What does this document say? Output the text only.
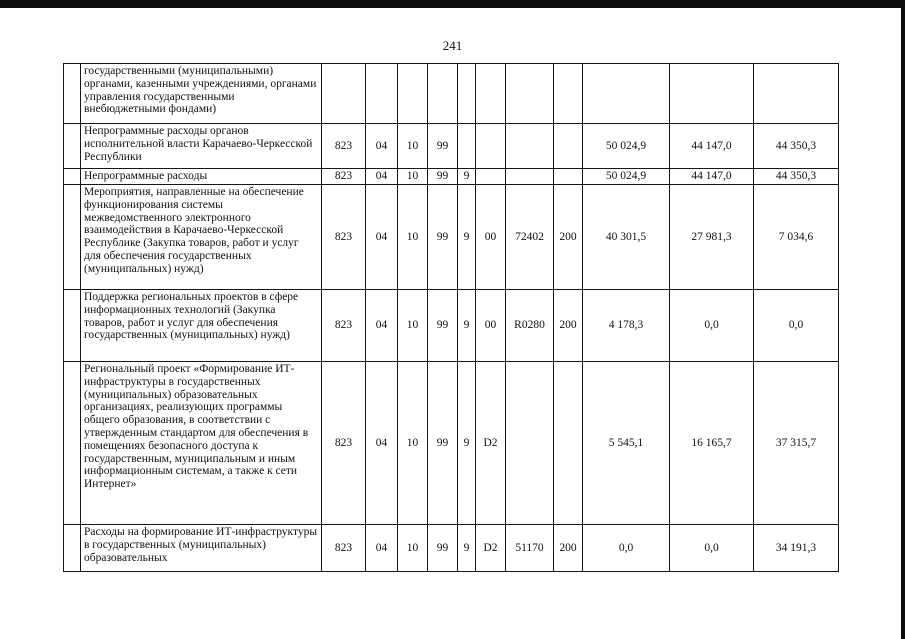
241
	государственными (муниципальными) органами, казенными учреждениями, органами управления государственными внебюджетными фондами)											
	Непрограммные расходы органов исполнительной власти Карачаево-Черкесской Республики	823	04	10	99					50 024,9	44 147,0	44 350,3
	Непрограммные расходы	823	04	10	99	9				50 024,9	44 147,0	44 350,3
	Мероприятия, направленные на обеспечение функционирования системы межведомственного электронного взаимодействия в Карачаево-Черкесской Республике (Закупка товаров, работ и услуг для обеспечения государственных (муниципальных) нужд)	823	04	10	99	9	00	72402	200	40 301,5	27 981,3	7 034,6
	Поддержка региональных проектов в сфере информационных технологий (Закупка товаров, работ и услуг для обеспечения государственных (муниципальных) нужд)	823	04	10	99	9	00	R0280	200	4 178,3	0,0	0,0
	Региональный проект «Формирование ИТ-инфраструктуры в государственных (муниципальных) образовательных организациях, реализующих программы общего образования, в соответствии с утвержденным стандартом для обеспечения в помещениях безопасного доступа к государственным, муниципальным и иным информационным системам, а также к сети Интернет»	823	04	10	99	9	D2			5 545,1	16 165,7	37 315,7
	Расходы на формирование ИТ-инфраструктуры в государственных (муниципальных) образовательных	823	04	10	99	9	D2	51170	200	0,0	0,0	34 191,3
